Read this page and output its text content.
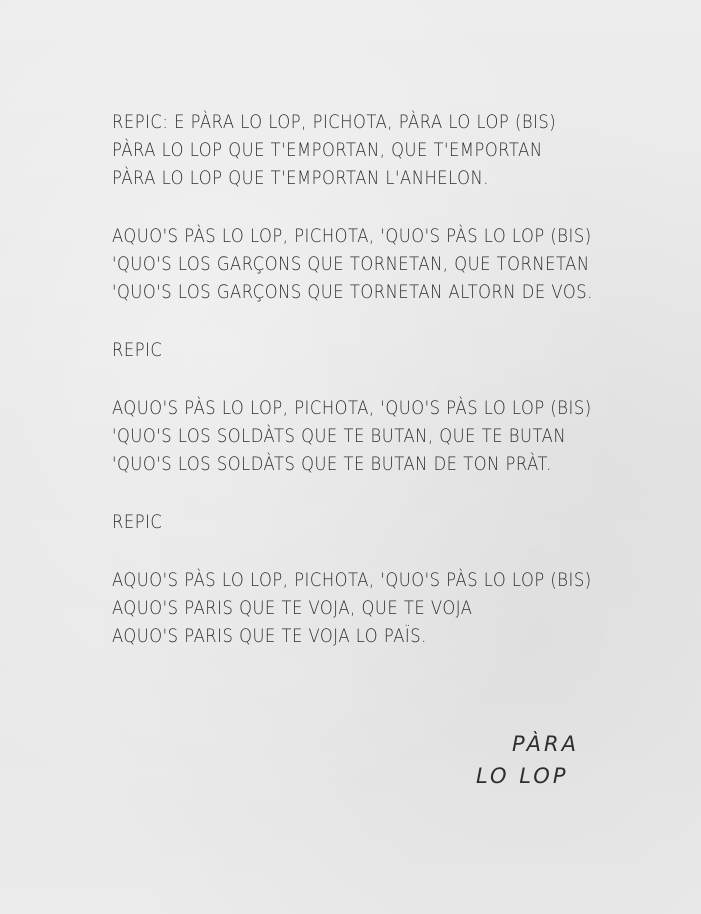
REPIC: E PÀRA LO LOP, PICHOTA, PÀRA LO LOP (BIS)
PÀRA LO LOP QUE T'EMPORTAN, QUE T'EMPORTAN
PÀRA LO LOP QUE T'EMPORTAN L'ANHELON.
AQUO'S PÀS LO LOP, PICHOTA, 'QUO'S PÀS LO LOP (BIS)
'QUO'S LOS GARÇONS QUE TORNETAN, QUE TORNETAN
'QUO'S LOS GARÇONS QUE TORNETAN ALTORN DE VOS.
REPIC
AQUO'S PÀS LO LOP, PICHOTA, 'QUO'S PÀS LO LOP (BIS)
'QUO'S LOS SOLDÀTS QUE TE BUTAN, QUE TE BUTAN
'QUO'S LOS SOLDÀTS QUE TE BUTAN DE TON PRÀT.
REPIC
AQUO'S PÀS LO LOP, PICHOTA, 'QUO'S PÀS LO LOP (BIS)
AQUO'S PARIS QUE TE VOJA, QUE TE VOJA
AQUO'S PARIS QUE TE VOJA LO PAÏS.
PÀRA
LO LOP
